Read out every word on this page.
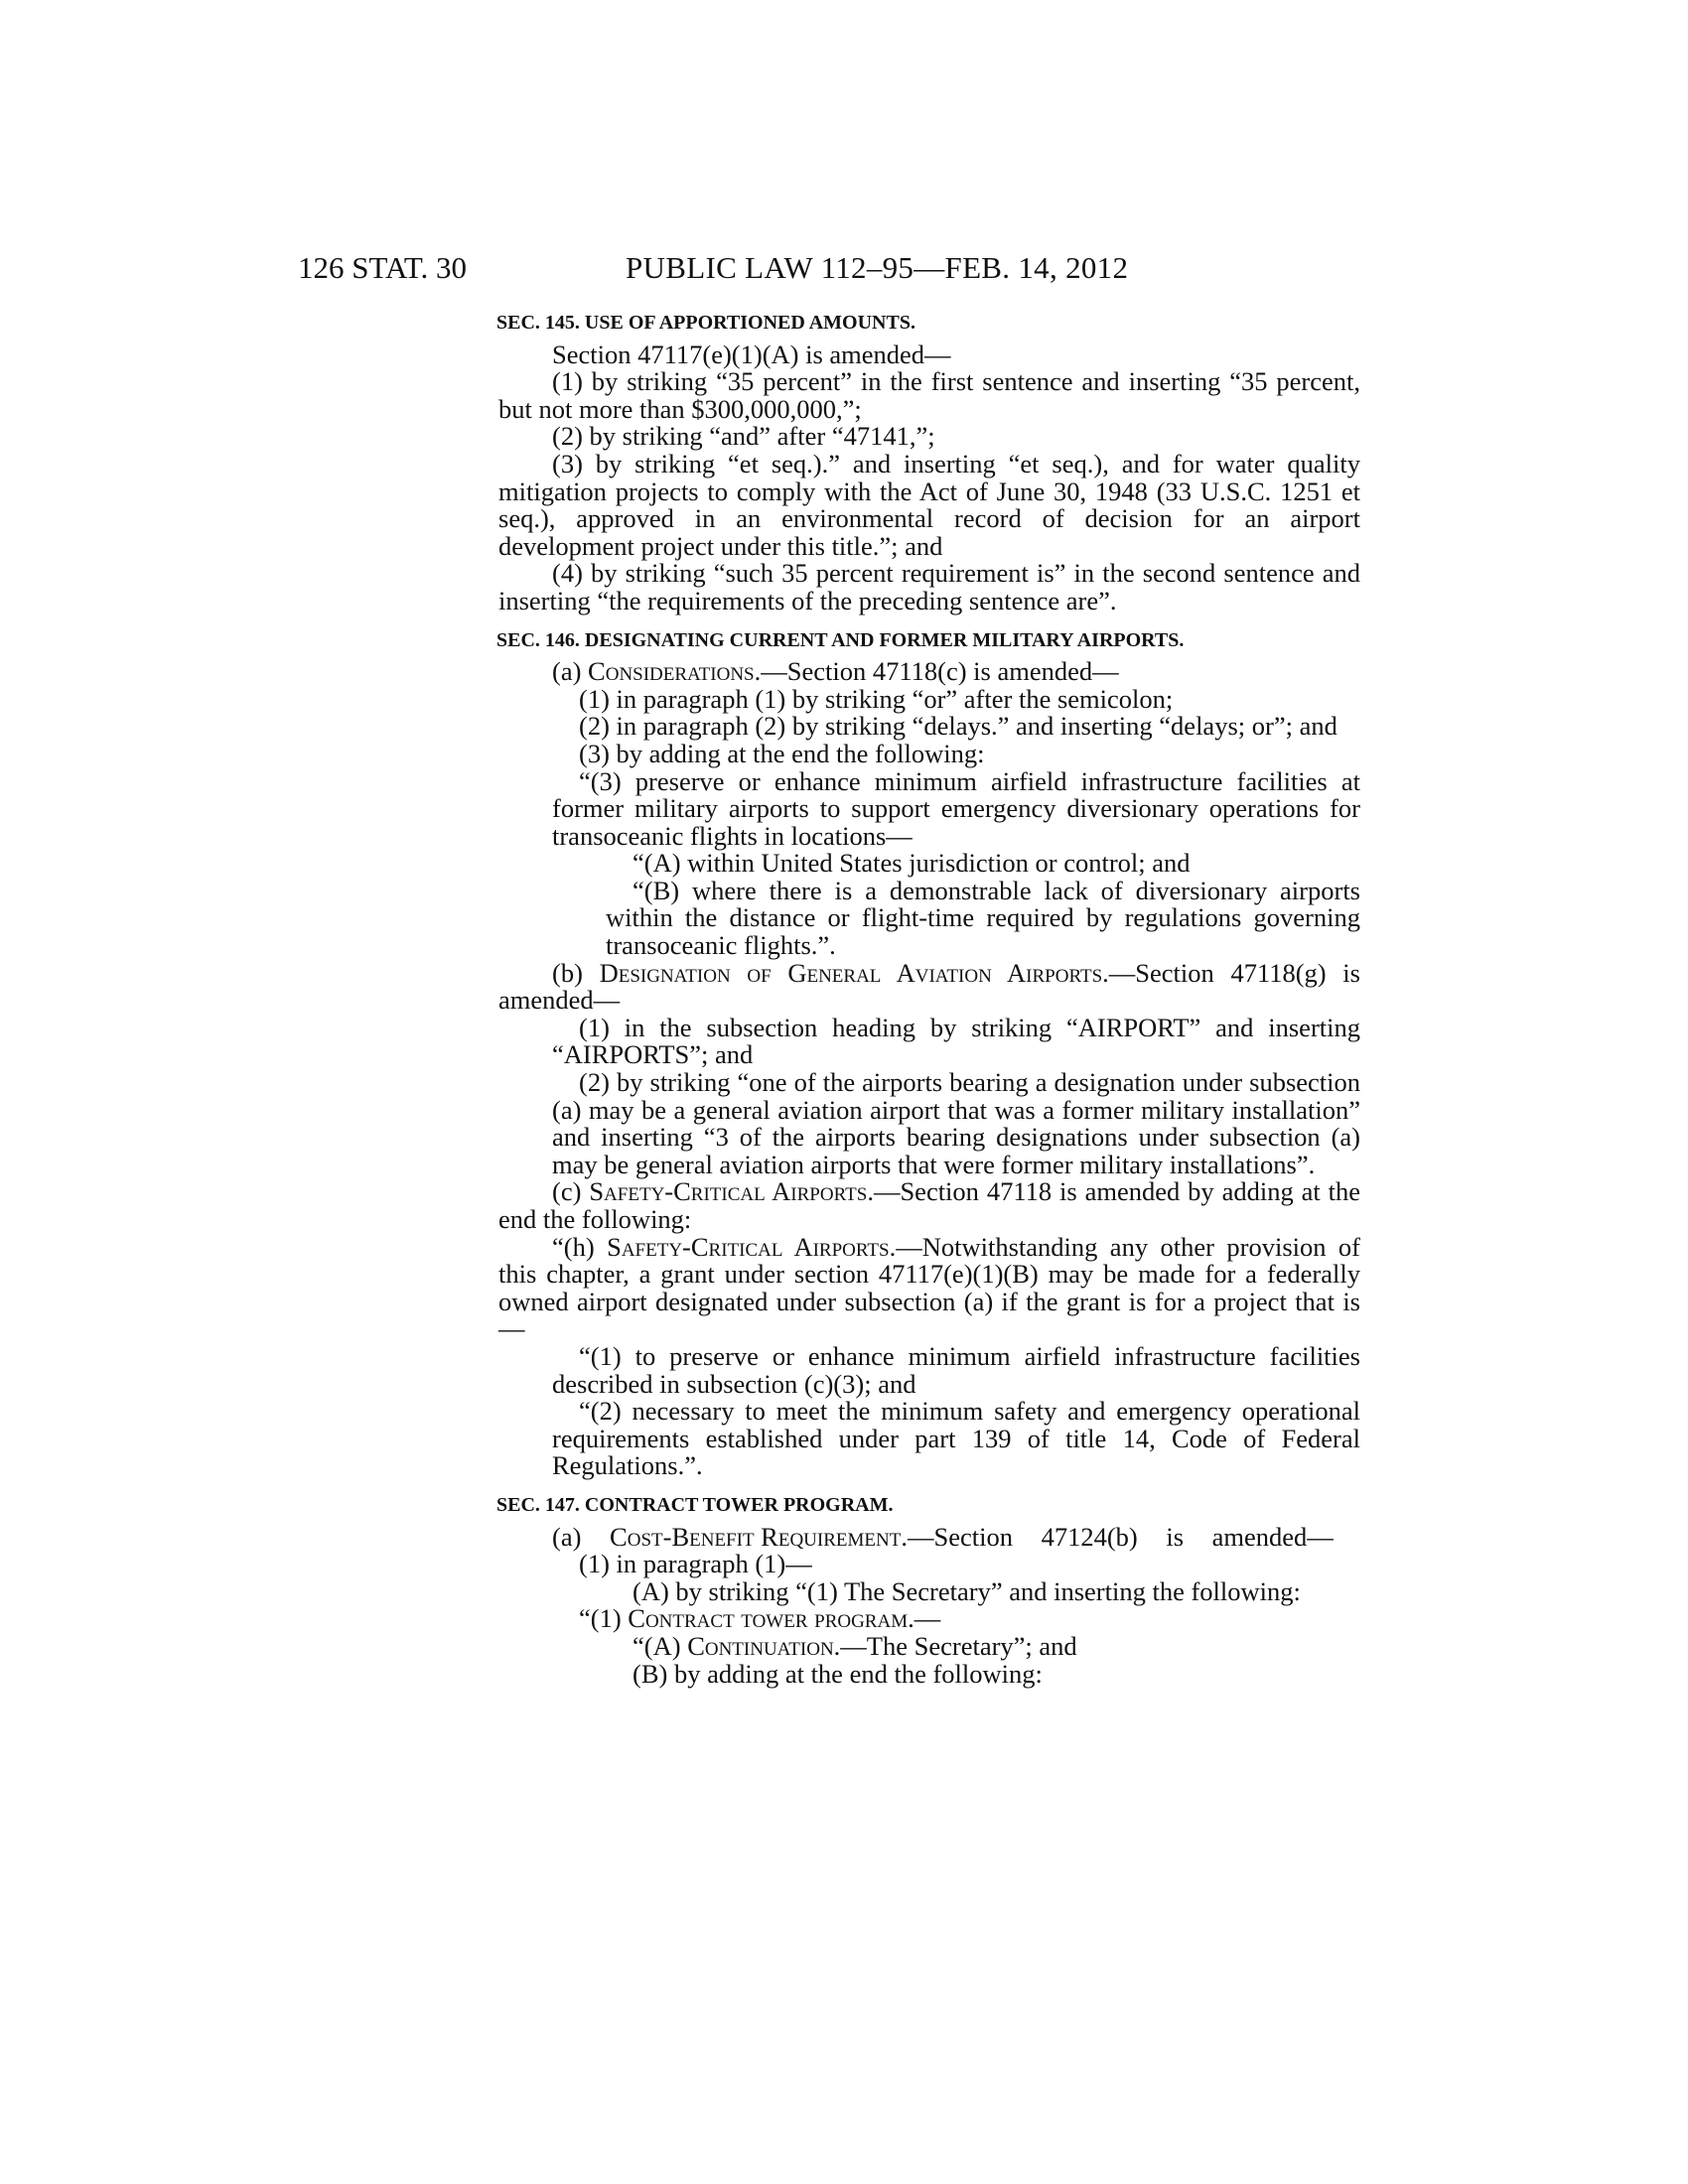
126 STAT. 30	PUBLIC LAW 112–95—FEB. 14, 2012
SEC. 145. USE OF APPORTIONED AMOUNTS.

Section 47117(e)(1)(A) is amended—

(1) by striking “35 percent” in the first sentence and inserting “35 percent, but not more than $300,000,000,”;

(2) by striking “and” after “47141,”;

(3) by striking “et seq.).” and inserting “et seq.), and for water quality mitigation projects to comply with the Act of June 30, 1948 (33 U.S.C. 1251 et seq.), approved in an environmental record of decision for an airport development project under this title.”; and

(4) by striking “such 35 percent requirement is” in the second sentence and inserting “the requirements of the preceding sentence are”.

SEC. 146. DESIGNATING CURRENT AND FORMER MILITARY AIRPORTS.

(a) Considerations.—Section 47118(c) is amended—

(1) in paragraph (1) by striking “or” after the semicolon;

(2) in paragraph (2) by striking “delays.” and inserting “delays; or”; and

(3) by adding at the end the following:

“(3) preserve or enhance minimum airfield infrastructure facilities at former military airports to support emergency diversionary operations for transoceanic flights in locations—

“(A) within United States jurisdiction or control; and

“(B) where there is a demonstrable lack of diversionary airports within the distance or flight-time required by regulations governing transoceanic flights.”.

(b) Designation of General Aviation Airports.—Section 47118(g) is amended—

(1) in the subsection heading by striking “AIRPORT” and inserting “AIRPORTS”; and

(2) by striking “one of the airports bearing a designation under subsection (a) may be a general aviation airport that was a former military installation” and inserting “3 of the airports bearing designations under subsection (a) may be general aviation airports that were former military installations”.

(c) Safety-Critical Airports.—Section 47118 is amended by adding at the end the following:

“(h) Safety-Critical Airports.—Notwithstanding any other provision of this chapter, a grant under section 47117(e)(1)(B) may be made for a federally owned airport designated under subsection (a) if the grant is for a project that is—

“(1) to preserve or enhance minimum airfield infrastructure facilities described in subsection (c)(3); and

“(2) necessary to meet the minimum safety and emergency operational requirements established under part 139 of title 14, Code of Federal Regulations.”.

SEC. 147. CONTRACT TOWER PROGRAM.

(a) Cost-Benefit Requirement.—Section 47124(b) is amended—

(1) in paragraph (1)—

(A) by striking “(1) The Secretary” and inserting the following:

“(1) Contract tower program.—

“(A) Continuation.—The Secretary”; and

(B) by adding at the end the following:
